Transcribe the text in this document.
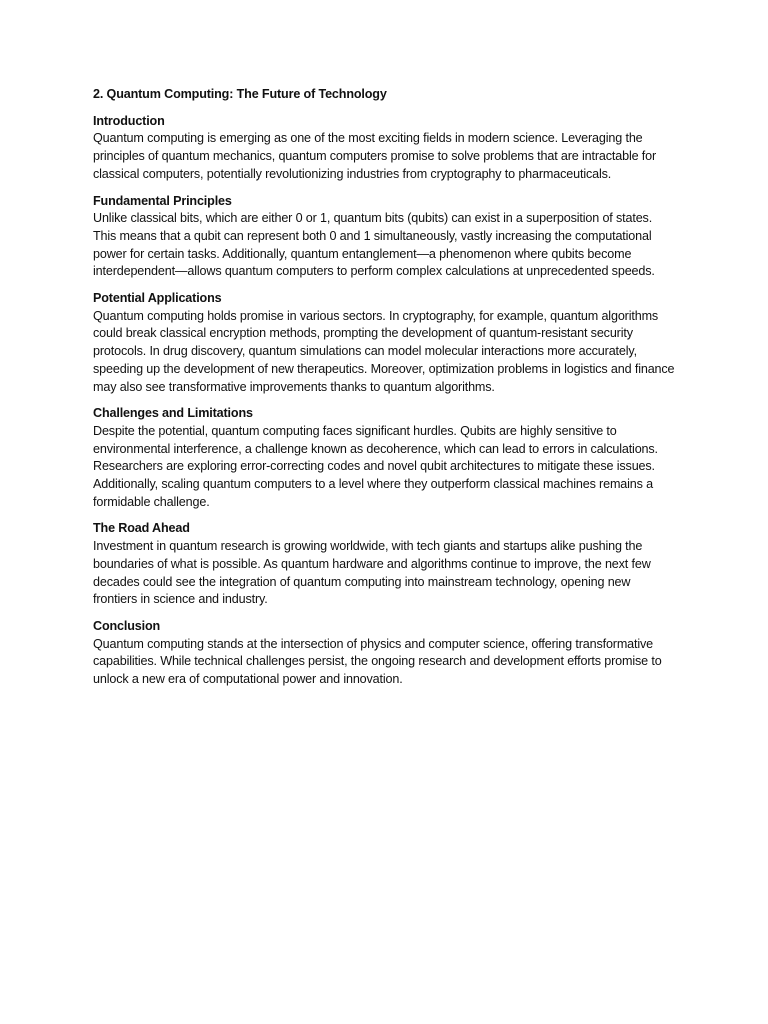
2. Quantum Computing: The Future of Technology
Introduction
Quantum computing is emerging as one of the most exciting fields in modern science. Leveraging the principles of quantum mechanics, quantum computers promise to solve problems that are intractable for classical computers, potentially revolutionizing industries from cryptography to pharmaceuticals.
Fundamental Principles
Unlike classical bits, which are either 0 or 1, quantum bits (qubits) can exist in a superposition of states. This means that a qubit can represent both 0 and 1 simultaneously, vastly increasing the computational power for certain tasks. Additionally, quantum entanglement—a phenomenon where qubits become interdependent—allows quantum computers to perform complex calculations at unprecedented speeds.
Potential Applications
Quantum computing holds promise in various sectors. In cryptography, for example, quantum algorithms could break classical encryption methods, prompting the development of quantum-resistant security protocols. In drug discovery, quantum simulations can model molecular interactions more accurately, speeding up the development of new therapeutics. Moreover, optimization problems in logistics and finance may also see transformative improvements thanks to quantum algorithms.
Challenges and Limitations
Despite the potential, quantum computing faces significant hurdles. Qubits are highly sensitive to environmental interference, a challenge known as decoherence, which can lead to errors in calculations. Researchers are exploring error-correcting codes and novel qubit architectures to mitigate these issues. Additionally, scaling quantum computers to a level where they outperform classical machines remains a formidable challenge.
The Road Ahead
Investment in quantum research is growing worldwide, with tech giants and startups alike pushing the boundaries of what is possible. As quantum hardware and algorithms continue to improve, the next few decades could see the integration of quantum computing into mainstream technology, opening new frontiers in science and industry.
Conclusion
Quantum computing stands at the intersection of physics and computer science, offering transformative capabilities. While technical challenges persist, the ongoing research and development efforts promise to unlock a new era of computational power and innovation.
